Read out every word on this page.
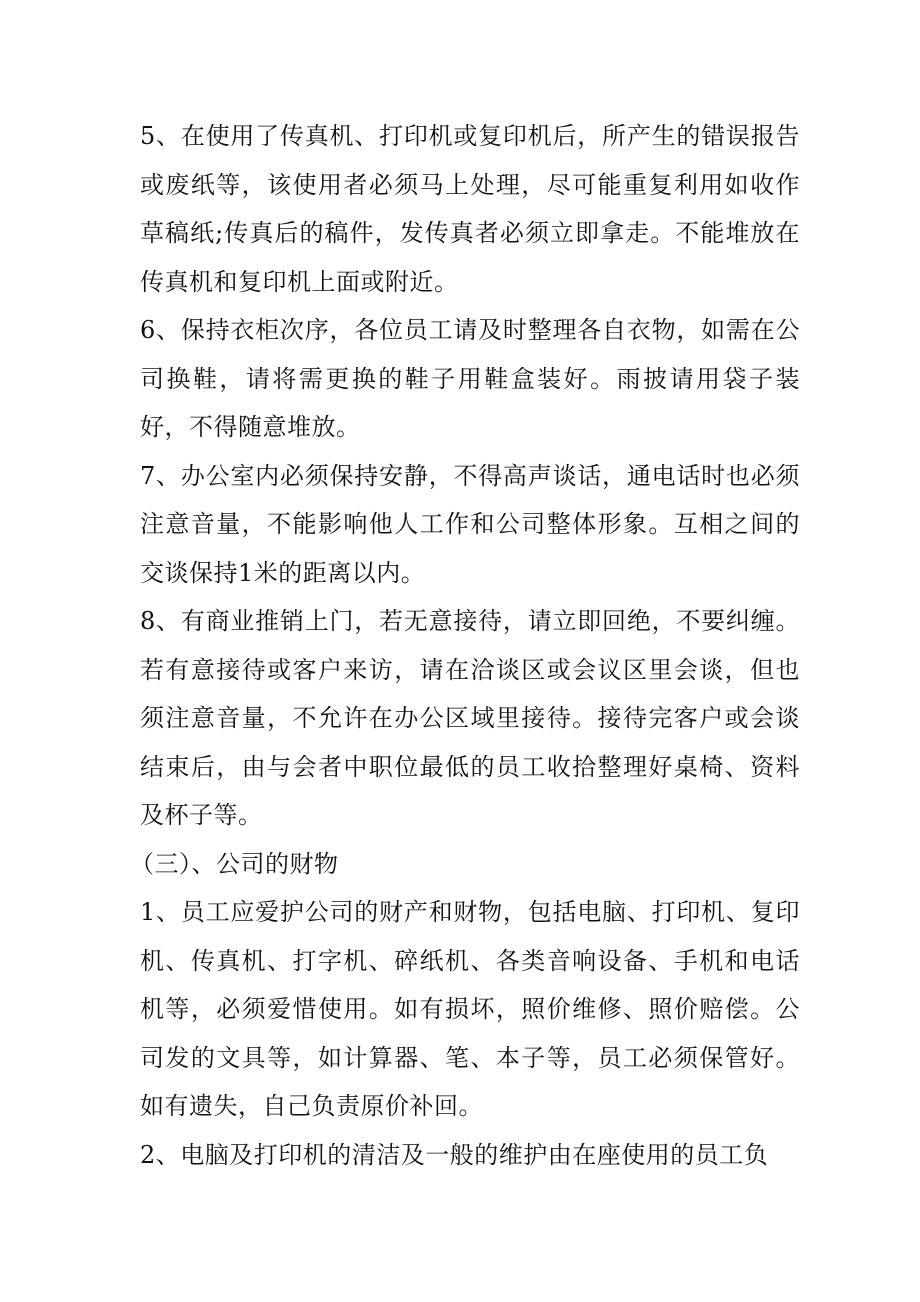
5、在使用了传真机、打印机或复印机后，所产生的错误报告或废纸等，该使用者必须马上处理，尽可能重复利用如收作草稿纸;传真后的稿件，发传真者必须立即拿走。不能堆放在传真机和复印机上面或附近。

6、保持衣柜次序，各位员工请及时整理各自衣物，如需在公司换鞋，请将需更换的鞋子用鞋盒装好。雨披请用袋子装好，不得随意堆放。

7、办公室内必须保持安静，不得高声谈话，通电话时也必须注意音量，不能影响他人工作和公司整体形象。互相之间的交谈保持1米的距离以内。

8、有商业推销上门，若无意接待，请立即回绝，不要纠缠。若有意接待或客户来访，请在洽谈区或会议区里会谈，但也须注意音量，不允许在办公区域里接待。接待完客户或会谈结束后，由与会者中职位最低的员工收拾整理好桌椅、资料及杯子等。

（三）、公司的财物

1、员工应爱护公司的财产和财物，包括电脑、打印机、复印机、传真机、打字机、碎纸机、各类音响设备、手机和电话机等，必须爱惜使用。如有损坏，照价维修、照价赔偿。公司发的文具等，如计算器、笔、本子等，员工必须保管好。如有遗失，自己负责原价补回。

2、电脑及打印机的清洁及一般的维护由在座使用的员工负
